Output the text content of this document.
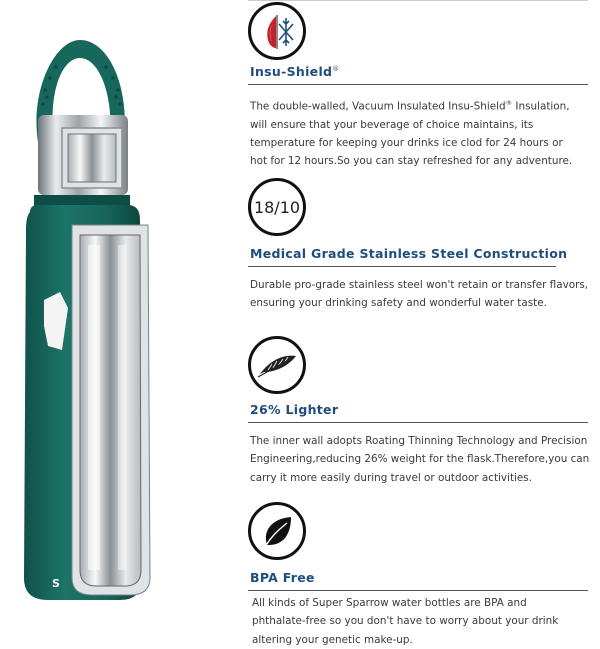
S
Insu-Shield®
The double-walled, Vacuum Insulated Insu-Shield® Insulation,
will ensure that your beverage of choice maintains, its
temperature for keeping your drinks ice clod for 24 hours or
hot for 12 hours.So you can stay refreshed for any adventure.
18/10
Medical Grade Stainless Steel Construction
Durable pro-grade stainless steel won't retain or transfer flavors,
ensuring your drinking safety and wonderful water taste.
26% Lighter
The inner wall adopts Roating Thinning Technology and Precision
Engineering,reducing 26% weight for the flask.Therefore,you can
carry it more easily during travel or outdoor activities.
BPA Free
All kinds of Super Sparrow water bottles are BPA and
phthalate-free so you don't have to worry about your drink
altering your genetic make-up.
